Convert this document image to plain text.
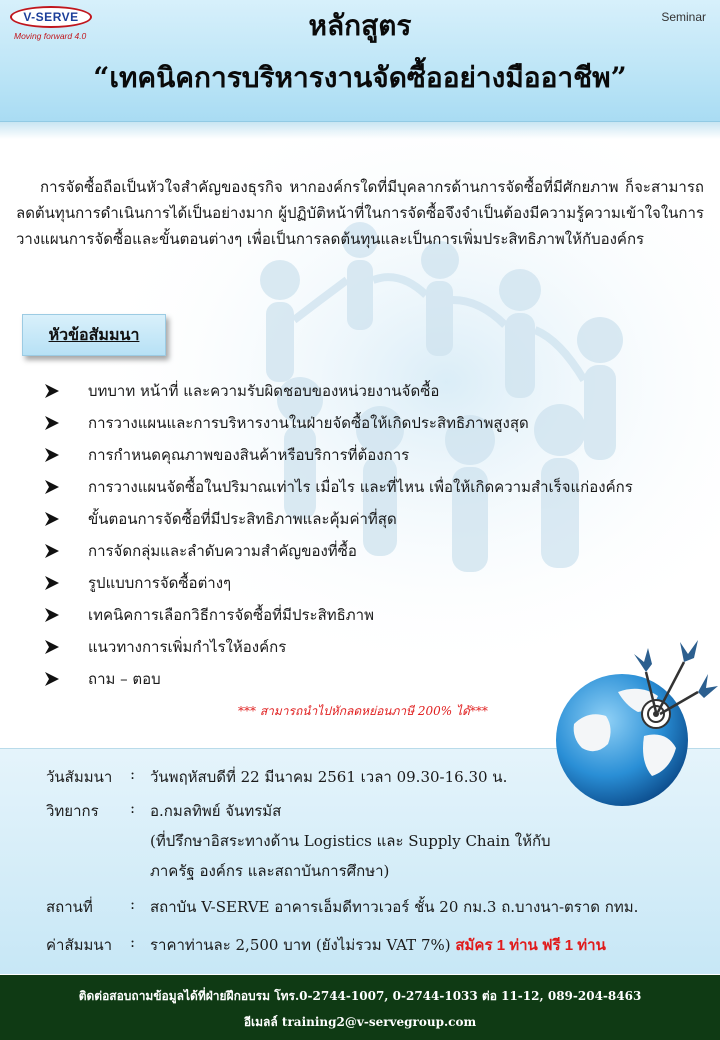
V-SERVE
Moving forward 4.0	หลักสูตร
“เทคนิคการบริหารงานจัดซื้ออย่างมืออาชีพ”
Seminar

การจัดซื้อถือเป็นหัวใจสำคัญของธุรกิจ หากองค์กรใดที่มีบุคลากรด้านการจัดซื้อที่มีศักยภาพ ก็จะสามารถลดต้นทุนการดำเนินการได้เป็นอย่างมาก ผู้ปฏิบัติหน้าที่ในการจัดซื้อจึงจำเป็นต้องมีความรู้ความเข้าใจในการวางแผนการจัดซื้อและขั้นตอนต่างๆ เพื่อเป็นการลดต้นทุนและเป็นการเพิ่มประสิทธิภาพให้กับองค์กร

หัวข้อสัมมนา
บทบาท หน้าที่ และความรับผิดชอบของหน่วยงานจัดซื้อ
การวางแผนและการบริหารงานในฝ่ายจัดซื้อให้เกิดประสิทธิภาพสูงสุด
การกำหนดคุณภาพของสินค้าหรือบริการที่ต้องการ
การวางแผนจัดซื้อในปริมาณเท่าไร เมื่อไร และที่ไหน เพื่อให้เกิดความสำเร็จแก่องค์กร
ขั้นตอนการจัดซื้อที่มีประสิทธิภาพและคุ้มค่าที่สุด
การจัดกลุ่มและลำดับความสำคัญของที่ซื้อ
รูปแบบการจัดซื้อต่างๆ
เทคนิคการเลือกวิธีการจัดซื้อที่มีประสิทธิภาพ
แนวทางการเพิ่มกำไรให้องค์กร
ถาม – ตอบ
*** สามารถนำไปหักลดหย่อนภาษี 200% ได้***
วันสัมมนา : วันพฤหัสบดีที่ 22 มีนาคม 2561 เวลา 09.30-16.30 น.
วิทยากร : อ.กมลทิพย์ จันทรมัส
(ที่ปรึกษาอิสระทางด้าน Logistics และ Supply Chain ให้กับ
ภาครัฐ องค์กร และสถาบันการศึกษา)
สถานที่ : สถาบัน V-SERVE อาคารเอ็มดีทาวเวอร์ ชั้น 20 กม.3 ถ.บางนา-ตราด กทม.
ค่าสัมมนา : ราคาท่านละ 2,500 บาท (ยังไม่รวม VAT 7%) สมัคร 1 ท่าน ฟรี 1 ท่าน
ติดต่อสอบถามข้อมูลได้ที่ฝ่ายฝึกอบรม โทร.0-2744-1007, 0-2744-1033 ต่อ 11-12, 089-204-8463
อีเมลล์ training2@v-servegroup.com
